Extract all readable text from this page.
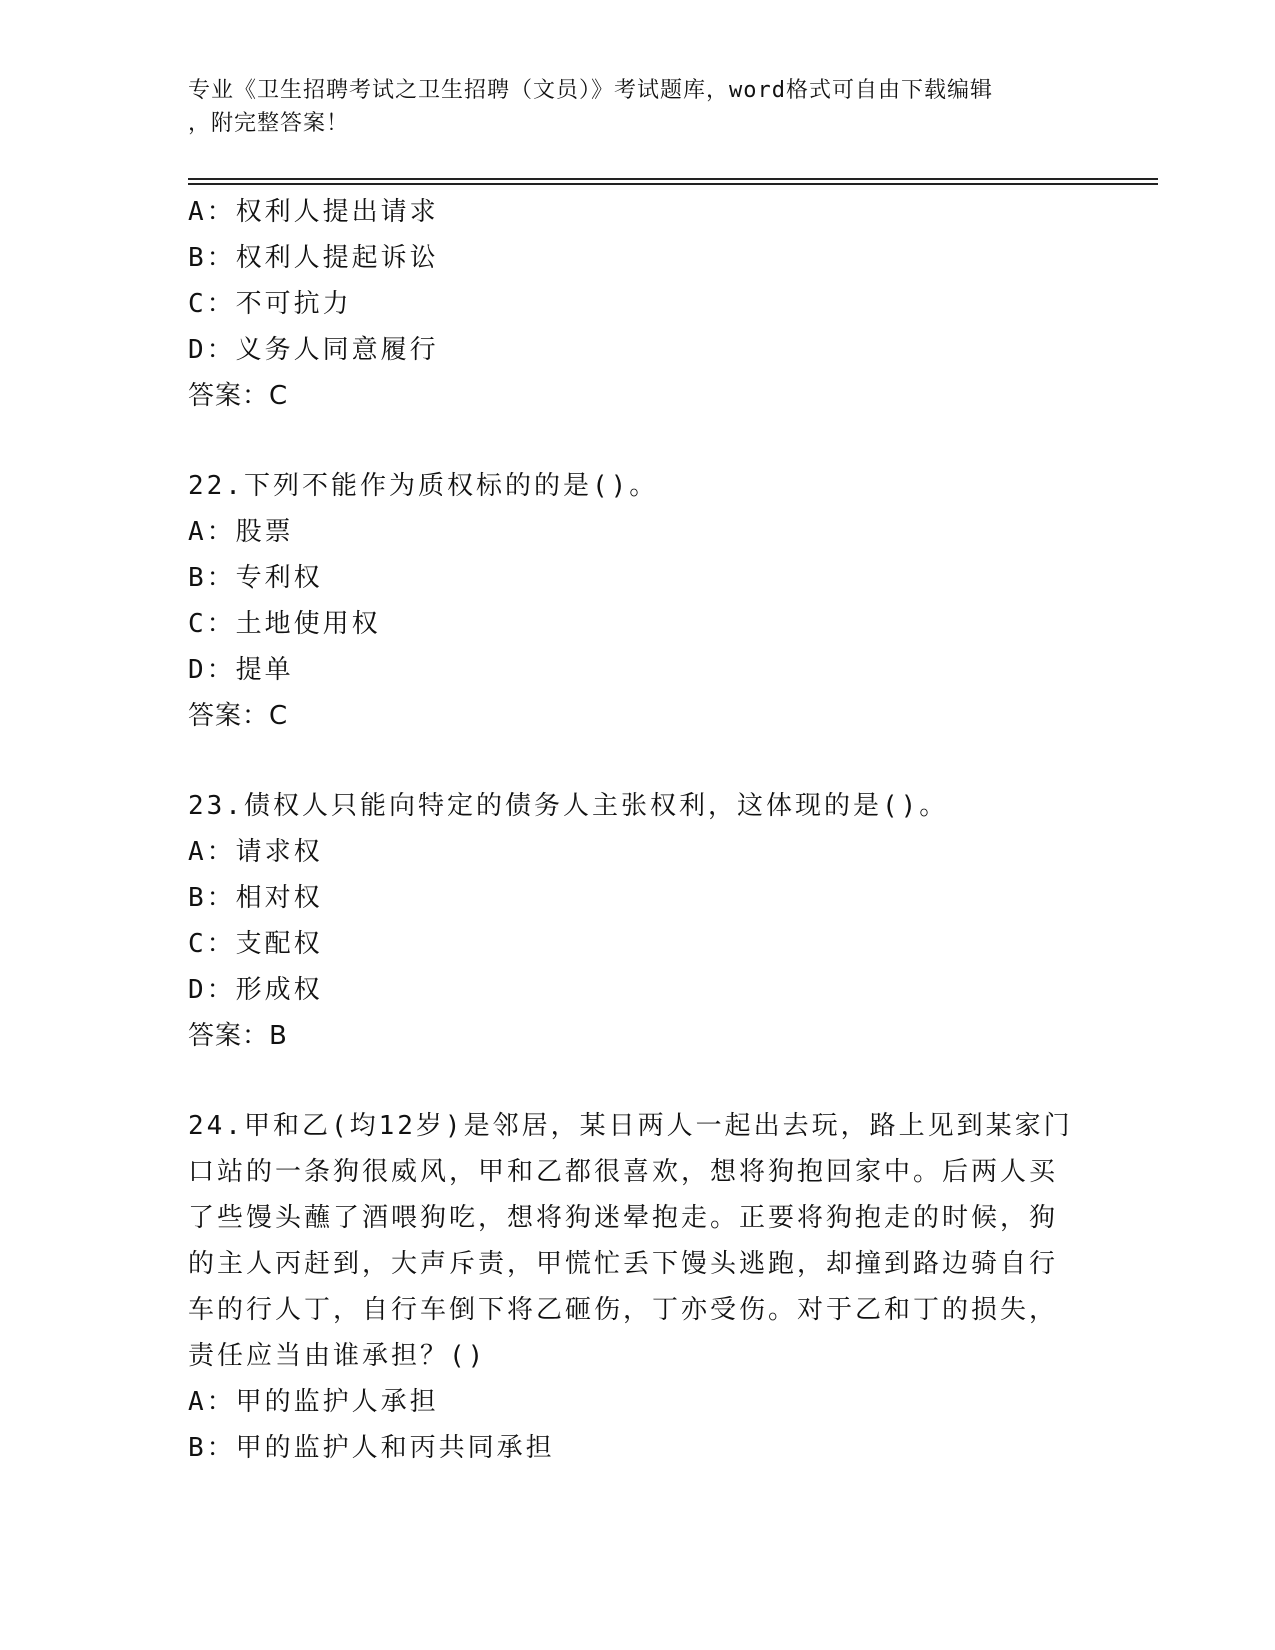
专业《卫生招聘考试之卫生招聘（文员）》考试题库，word格式可自由下载编辑
，附完整答案！
A：权利人提出请求
B：权利人提起诉讼
C：不可抗力
D：义务人同意履行
答案：C
22.下列不能作为质权标的的是()。
A：股票
B：专利权
C：土地使用权
D：提单
答案：C
23.债权人只能向特定的债务人主张权利，这体现的是()。
A：请求权
B：相对权
C：支配权
D：形成权
答案：B
24.甲和乙(均12岁)是邻居，某日两人一起出去玩，路上见到某家门
口站的一条狗很威风，甲和乙都很喜欢，想将狗抱回家中。后两人买
了些馒头蘸了酒喂狗吃，想将狗迷晕抱走。正要将狗抱走的时候，狗
的主人丙赶到，大声斥责，甲慌忙丢下馒头逃跑，却撞到路边骑自行
车的行人丁，自行车倒下将乙砸伤，丁亦受伤。对于乙和丁的损失，
责任应当由谁承担？()
A：甲的监护人承担
B：甲的监护人和丙共同承担
